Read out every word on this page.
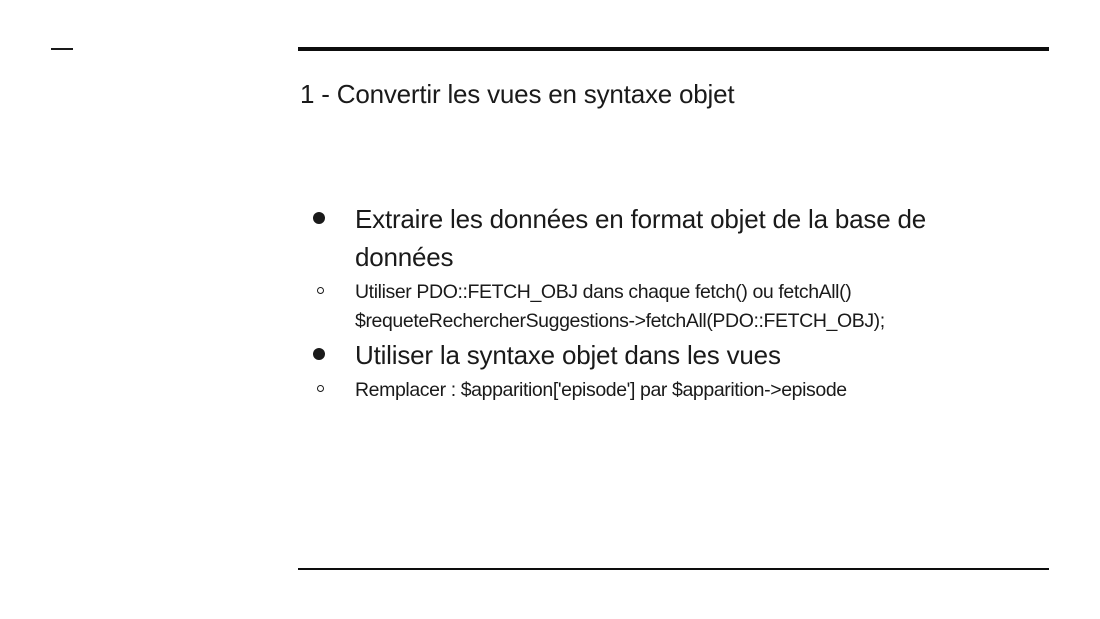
1 - Convertir les vues en syntaxe objet
Extraire les données en format objet de la base de
données
Utiliser PDO::FETCH_OBJ dans chaque fetch() ou fetchAll()
$requeteRechercherSuggestions->fetchAll(PDO::FETCH_OBJ);
Utiliser la syntaxe objet dans les vues
Remplacer : $apparition['episode'] par $apparition->episode
